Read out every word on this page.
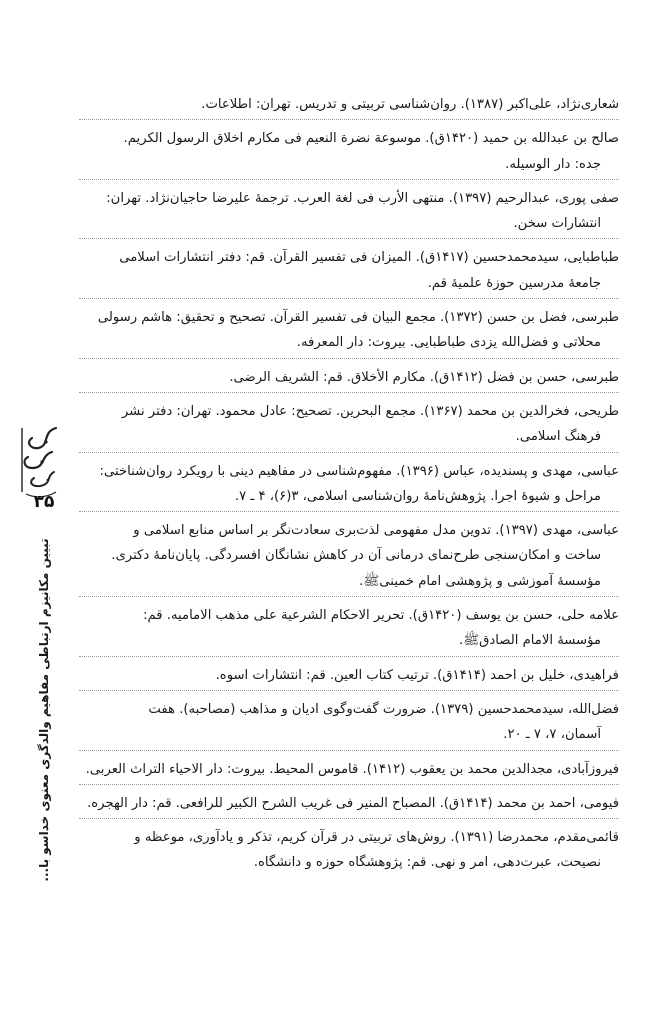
شعاری‌نژاد، علی‌اکبر (۱۳۸۷). روان‌شناسی تربیتی و تدریس. تهران: اطلاعات.
صالح بن عبدالله بن حمید (۱۴۲۰ق). موسوعة نضرة النعیم فی مکارم اخلاق الرسول الکریم.
جده: دار الوسیله.
صفی پوری، عبدالرحیم (۱۳۹۷). منتهی الأرب فی لغة العرب. ترجمهٔ علیرضا حاجیان‌نژاد. تهران:
انتشارات سخن.
طباطبایی، سیدمحمدحسین (۱۴۱۷ق). المیزان فی تفسیر القرآن. قم: دفتر انتشارات اسلامی
جامعهٔ مدرسین حوزهٔ علمیهٔ قم.
طبرسی، فضل بن حسن (۱۳۷۲). مجمع البیان فی تفسیر القرآن. تصحیح و تحقیق: هاشم رسولی
محلاتی و فضل‌الله یزدی طباطبایی. بیروت: دار المعرفه.
طبرسی، حسن بن فضل (۱۴۱۲ق). مکارم الأخلاق. قم: الشریف الرضی.
طریحی، فخرالدین بن محمد (۱۳۶۷). مجمع البحرین. تصحیح: عادل محمود. تهران: دفتر نشر
فرهنگ اسلامی.
عباسی، مهدی و پسندیده، عباس (۱۳۹۶). مفهوم‌شناسی در مفاهیم دینی با رویکرد روان‌شناختی:
مراحل و شیوهٔ اجرا. پژوهش‌نامهٔ روان‌شناسی اسلامی، ۳(۶)، ۴ ـ ۷.
عباسی، مهدی (۱۳۹۷). تدوین مدل مفهومی لذت‌بری سعادت‌نگر بر اساس منابع اسلامی و
ساخت و امکان‌سنجی طرح‌نمای درمانی آن در کاهش نشانگان افسردگی. پایان‌نامهٔ دکتری.
مؤسسهٔ آموزشی و پژوهشی امام خمینیﷺ.
علامه حلی، حسن بن یوسف (۱۴۲۰ق). تحریر الاحکام الشرعیة علی مذهب الامامیه. قم:
مؤسسهٔ الامام الصادقﷺ.
فراهیدی، خلیل بن احمد (۱۴۱۴ق). ترتیب کتاب العین. قم: انتشارات اسوه.
فضل‌الله، سیدمحمدحسین (۱۳۷۹). ضرورت گفت‌وگوی ادیان و مذاهب (مصاحبه). هفت
آسمان، ۷، ۷ ـ ۲۰.
فیروزآبادی، مجدالدین محمد بن یعقوب (۱۴۱۲). قاموس المحیط. بیروت: دار الاحیاء التراث العربی.
فیومی، احمد بن محمد (۱۴۱۴ق). المصباح المنیر فی غریب الشرح الکبیر للرافعی. قم: دار الهجره.
قائمی‌مقدم، محمدرضا (۱۳۹۱). روش‌های تربیتی در قرآن کریم، تذکر و یادآوری، موعظه و
نصیحت، عبرت‌دهی، امر و نهی. قم: پژوهشگاه حوزه و دانشگاه.
۳۵
تبیین مکانیزم ارتباطی مفاهیم والدگری معنوی خداسو با...
